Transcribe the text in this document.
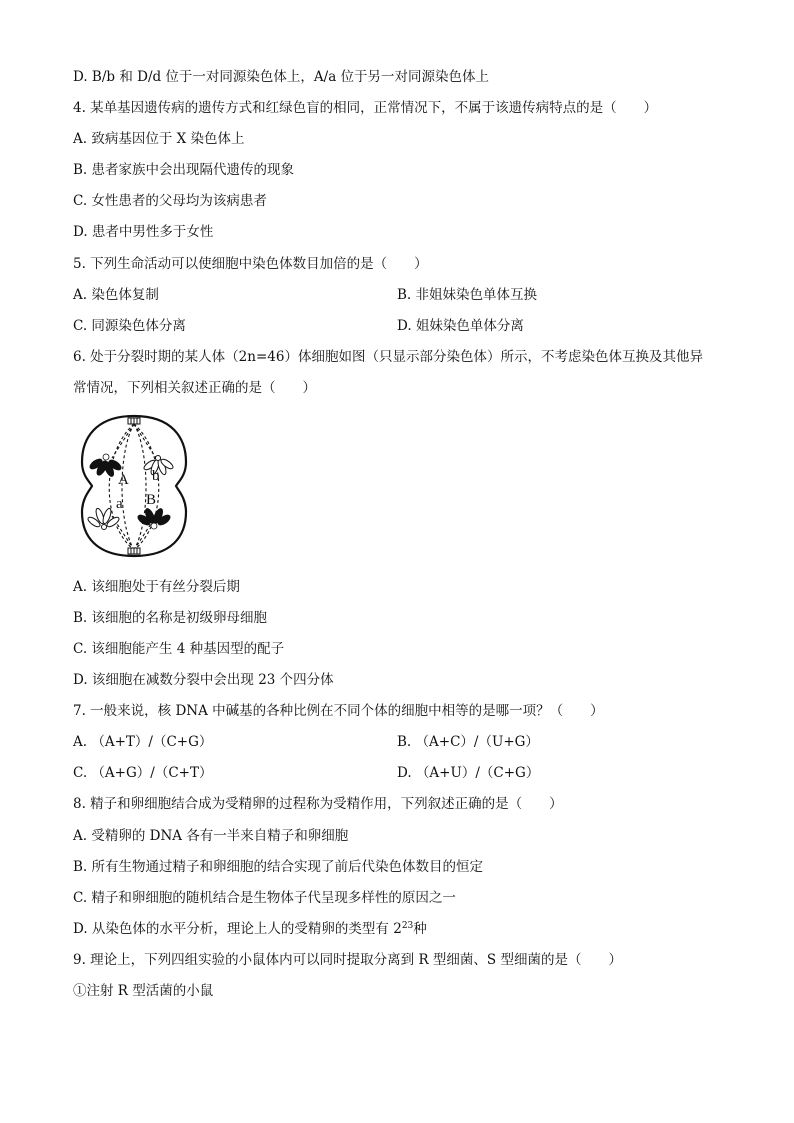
D. B/b 和 D/d 位于一对同源染色体上，A/a 位于另一对同源染色体上
4. 某单基因遗传病的遗传方式和红绿色盲的相同，正常情况下，不属于该遗传病特点的是（　　）
A. 致病基因位于 X 染色体上
B. 患者家族中会出现隔代遗传的现象
C. 女性患者的父母均为该病患者
D. 患者中男性多于女性
5. 下列生命活动可以使细胞中染色体数目加倍的是（　　）
A. 染色体复制	B. 非姐妹染色单体互换
C. 同源染色体分离	D. 姐妹染色单体分离
6. 处于分裂时期的某人体（2n=46）体细胞如图（只显示部分染色体）所示，不考虑染色体互换及其他异
常情况，下列相关叙述正确的是（　　）
A b
a B
A. 该细胞处于有丝分裂后期
B. 该细胞的名称是初级卵母细胞
C. 该细胞能产生 4 种基因型的配子
D. 该细胞在减数分裂中会出现 23 个四分体
7. 一般来说，核 DNA 中碱基的各种比例在不同个体的细胞中相等的是哪一项？（　　）
A. （A+T）/（C+G）	B. （A+C）/（U+G）
C. （A+G）/（C+T）	D. （A+U）/（C+G）
8. 精子和卵细胞结合成为受精卵的过程称为受精作用，下列叙述正确的是（　　）
A. 受精卵的 DNA 各有一半来自精子和卵细胞
B. 所有生物通过精子和卵细胞的结合实现了前后代染色体数目的恒定
C. 精子和卵细胞的随机结合是生物体子代呈现多样性的原因之一
D. 从染色体的水平分析，理论上人的受精卵的类型有 $2^{23}$种
9. 理论上，下列四组实验的小鼠体内可以同时提取分离到 R 型细菌、S 型细菌的是（　　）
①注射 R 型活菌的小鼠
